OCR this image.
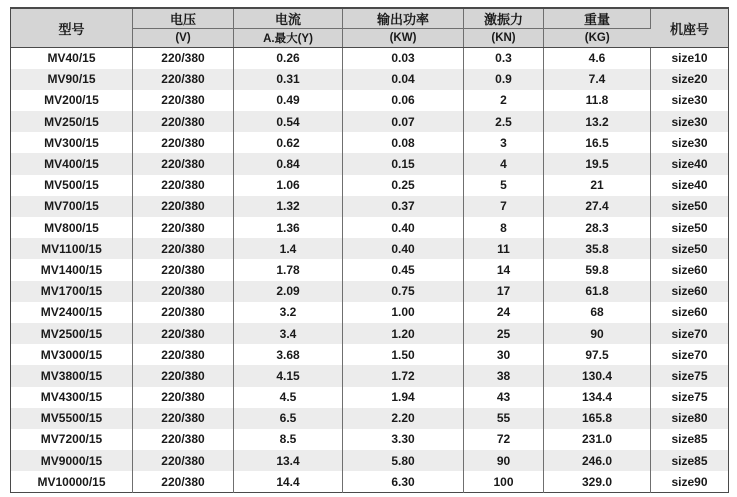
型号	电压	电流	输出功率	激振力	重量	机座号
	(V)	A.最大(Y)	(KW)	(KN)	(KG)	
MV40/15	220/380	0.26	0.03	0.3	4.6	size10
MV90/15	220/380	0.31	0.04	0.9	7.4	size20
MV200/15	220/380	0.49	0.06	2	11.8	size30
MV250/15	220/380	0.54	0.07	2.5	13.2	size30
MV300/15	220/380	0.62	0.08	3	16.5	size30
MV400/15	220/380	0.84	0.15	4	19.5	size40
MV500/15	220/380	1.06	0.25	5	21	size40
MV700/15	220/380	1.32	0.37	7	27.4	size50
MV800/15	220/380	1.36	0.40	8	28.3	size50
MV1100/15	220/380	1.4	0.40	11	35.8	size50
MV1400/15	220/380	1.78	0.45	14	59.8	size60
MV1700/15	220/380	2.09	0.75	17	61.8	size60
MV2400/15	220/380	3.2	1.00	24	68	size60
MV2500/15	220/380	3.4	1.20	25	90	size70
MV3000/15	220/380	3.68	1.50	30	97.5	size70
MV3800/15	220/380	4.15	1.72	38	130.4	size75
MV4300/15	220/380	4.5	1.94	43	134.4	size75
MV5500/15	220/380	6.5	2.20	55	165.8	size80
MV7200/15	220/380	8.5	3.30	72	231.0	size85
MV9000/15	220/380	13.4	5.80	90	246.0	size85
MV10000/15	220/380	14.4	6.30	100	329.0	size90
